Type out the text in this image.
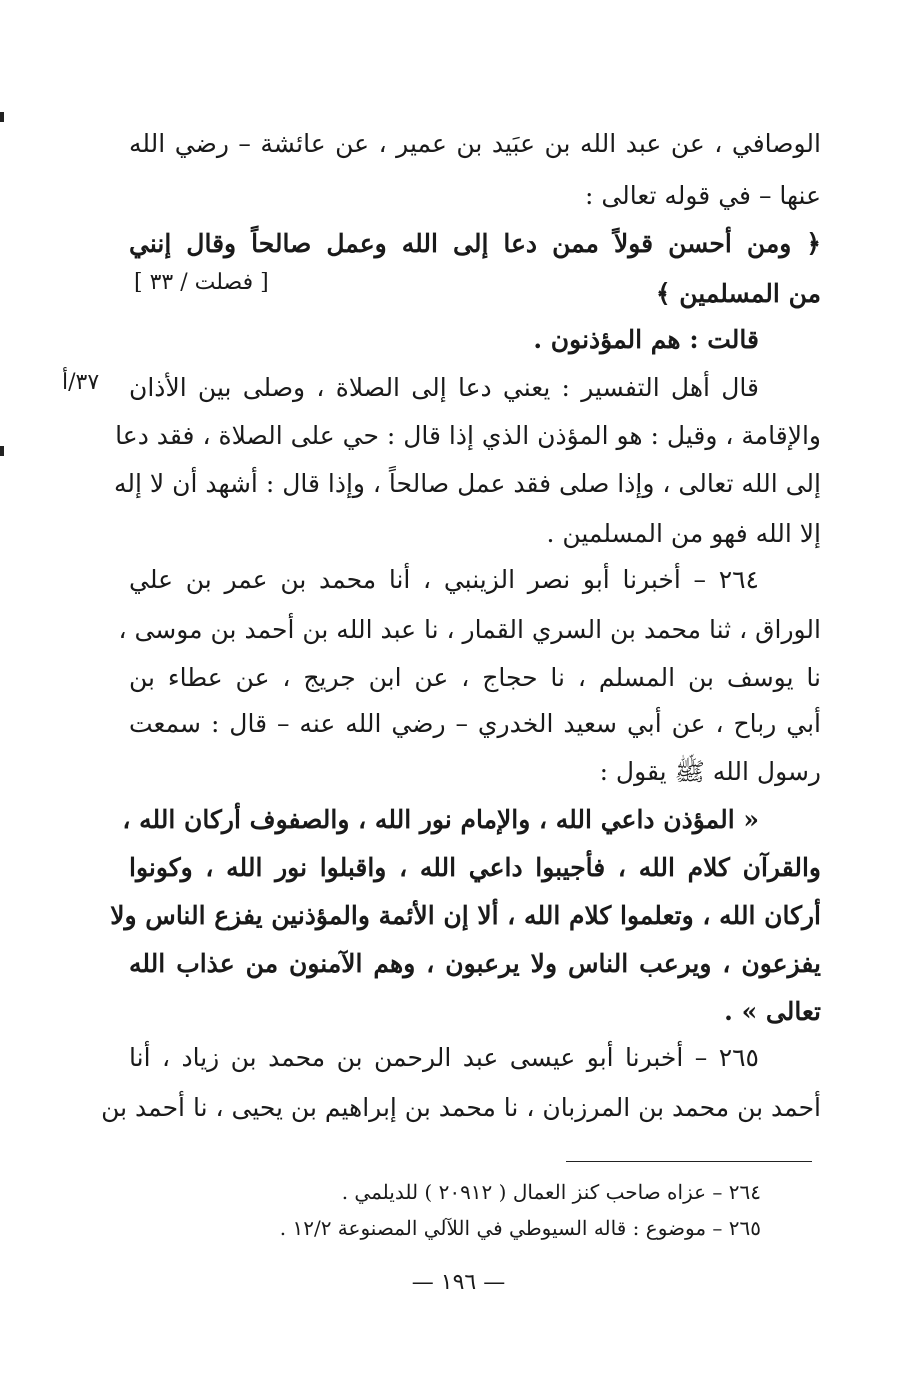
الوصافي ، عن عبد الله بن عبَيد بن عمير ، عن عائشة – رضي الله
عنها – في قوله تعالى :
﴿ ومن أحسن قولاً ممن دعا إلى الله وعمل صالحاً وقال إنني
من المسلمين ﴾
قالت : هم المؤذنون .
قال أهل التفسير : يعني دعا إلى الصلاة ، وصلى بين الأذان
والإقامة ، وقيل : هو المؤذن الذي إذا قال : حي على الصلاة ، فقد دعا
إلى الله تعالى ، وإذا صلى فقد عمل صالحاً ، وإذا قال : أشهد أن لا إله
إلا الله فهو من المسلمين .
٢٦٤ – أخبرنا أبو نصر الزينبي ، أنا محمد بن عمر بن علي
الوراق ، ثنا محمد بن السري القمار ، نا عبد الله بن أحمد بن موسى ،
نا يوسف بن المسلم ، نا حجاج ، عن ابن جريج ، عن عطاء بن
أبي رباح ، عن أبي سعيد الخدري – رضي الله عنه – قال : سمعت
رسول الله ﷺ يقول :
« المؤذن داعي الله ، والإمام نور الله ، والصفوف أركان الله ،
والقرآن كلام الله ، فأجيبوا داعي الله ، واقبلوا نور الله ، وكونوا
أركان الله ، وتعلموا كلام الله ، ألا إن الأئمة والمؤذنين يفزع الناس ولا
يفزعون ، ويرعب الناس ولا يرعبون ، وهم الآمنون من عذاب الله
تعالى » .
٢٦٥ – أخبرنا أبو عيسى عبد الرحمن بن محمد بن زياد ، أنا
أحمد بن محمد بن المرزبان ، نا محمد بن إبراهيم بن يحيى ، نا أحمد بن
[ فصلت / ٣٣ ]
٣٧/أ
٢٦٤ – عزاه صاحب كنز العمال ( ٢٠٩١٢ ) للديلمي .
٢٦٥ – موضوع : قاله السيوطي في اللآلي المصنوعة ١٢/٢ .
— ١٩٦ —
